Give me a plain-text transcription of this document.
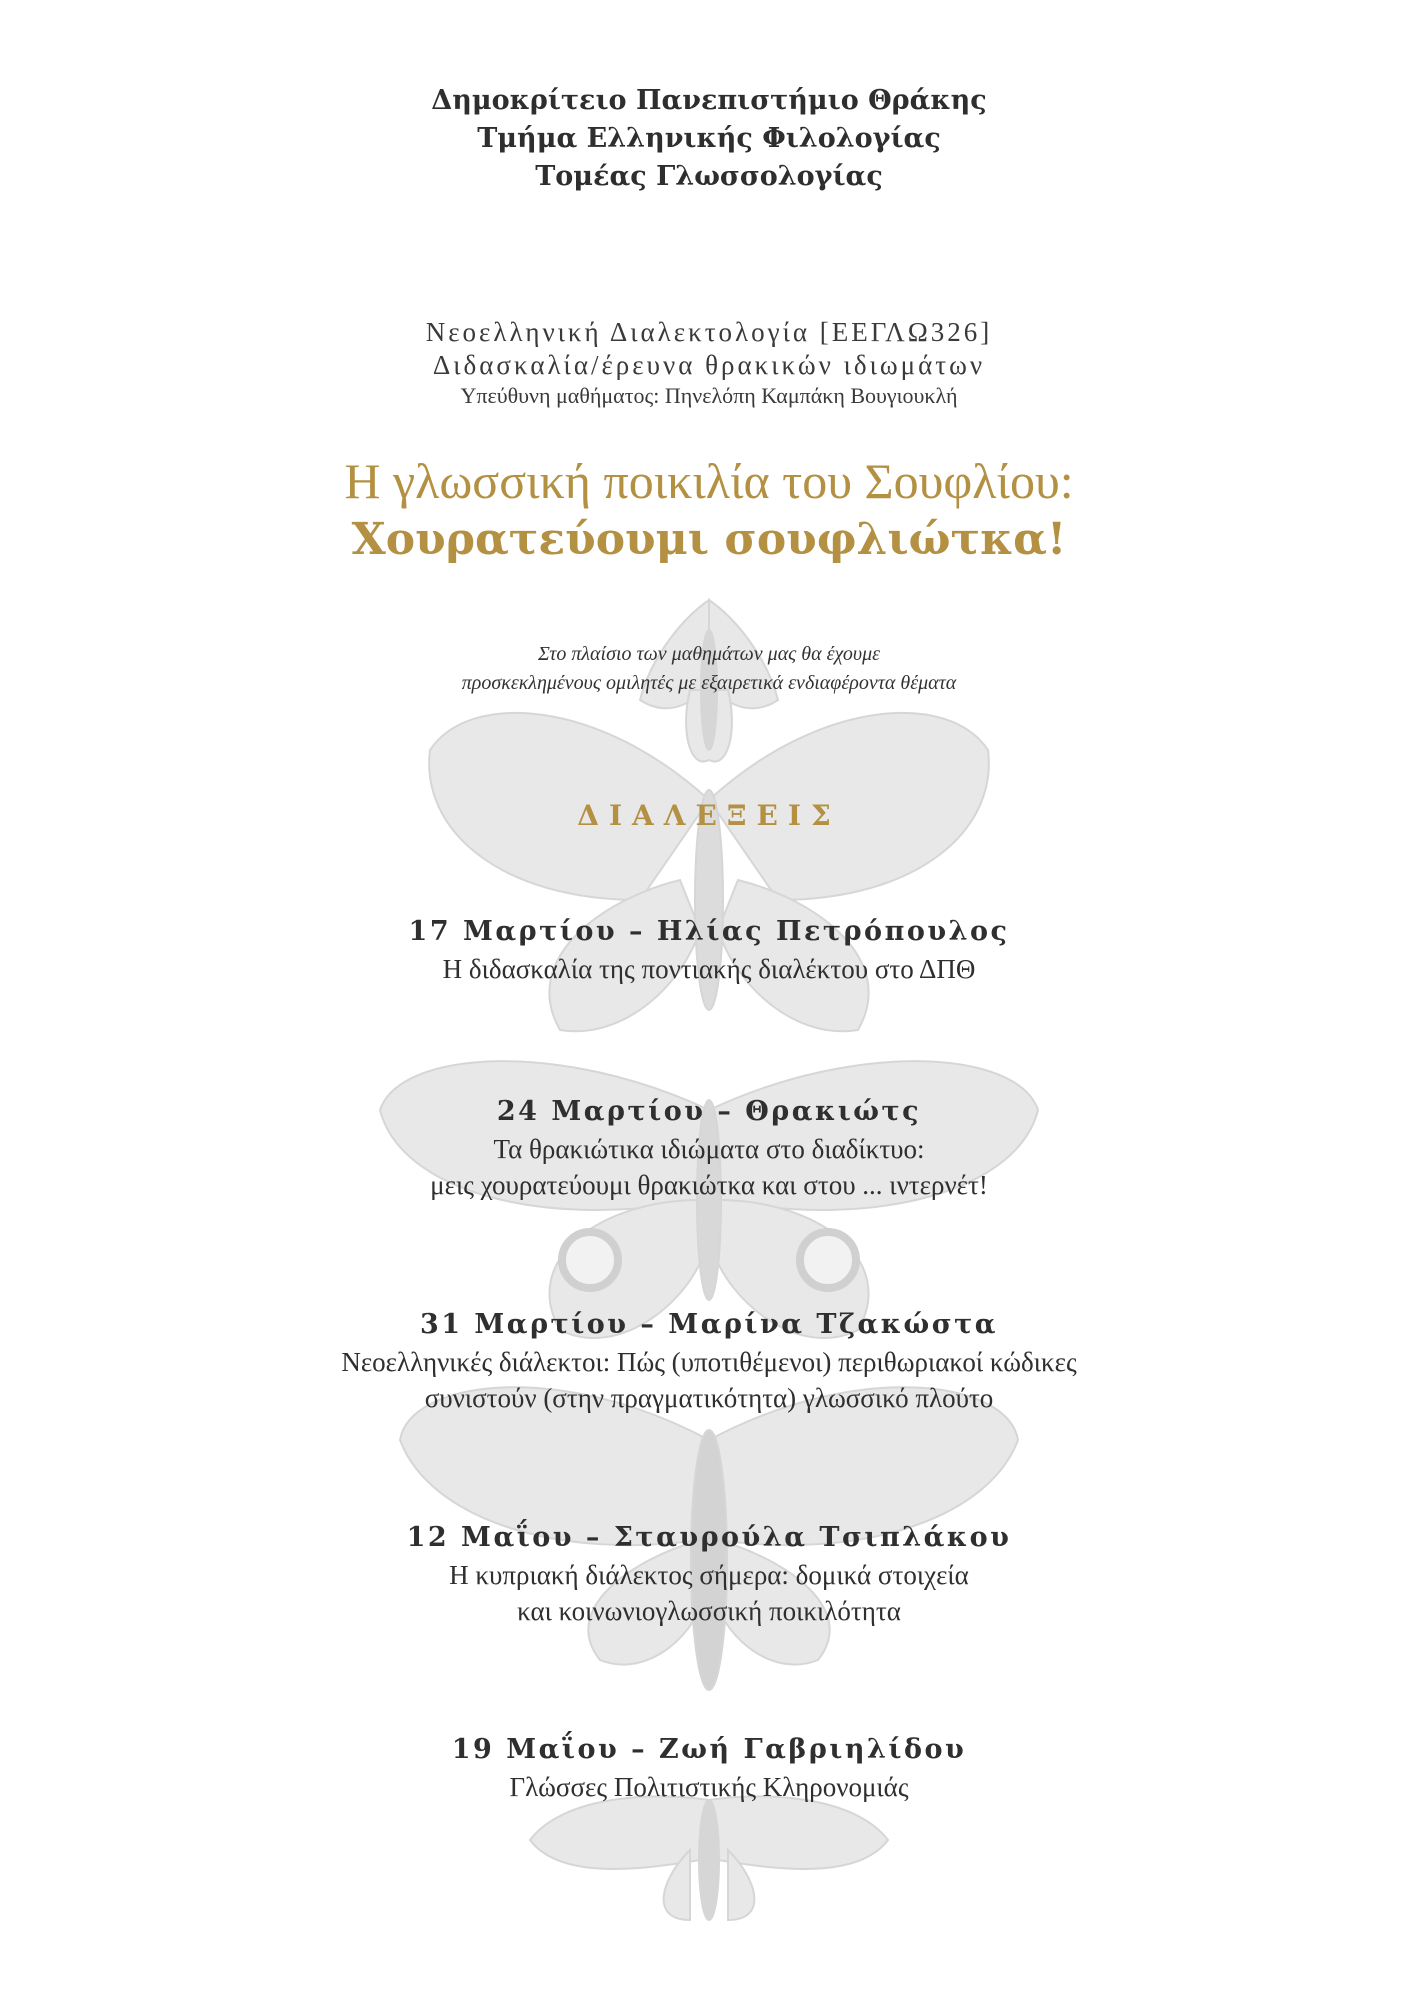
Δημοκρίτειο Πανεπιστήμιο Θράκης
Τμήμα Ελληνικής Φιλολογίας
Τομέας Γλωσσολογίας
Νεοελληνική Διαλεκτολογία [ΕΕΓΛΩ326]
Διδασκαλία/έρευνα θρακικών ιδιωμάτων
Υπεύθυνη μαθήματος: Πηνελόπη Καμπάκη Βουγιουκλή
Η γλωσσική ποικιλία του Σουφλίου:
Χουρατεύουμι σουφλιώτκα!
Στο πλαίσιο των μαθημάτων μας θα έχουμε
προσκεκλημένους ομιλητές με εξαιρετικά ενδιαφέροντα θέματα
ΔΙΑΛΕΞΕΙΣ
17 Μαρτίου – Ηλίας Πετρόπουλος
Η διδασκαλία της ποντιακής διαλέκτου στο ΔΠΘ
24 Μαρτίου – Θρακιώτς
Τα θρακιώτικα ιδιώματα στο διαδίκτυο:
μεις χουρατεύουμι θρακιώτκα και στου ... ιντερνέτ!
31 Μαρτίου – Μαρίνα Τζακώστα
Νεοελληνικές διάλεκτοι: Πώς (υποτιθέμενοι) περιθωριακοί κώδικες
συνιστούν (στην πραγματικότητα) γλωσσικό πλούτο
12 Μαΐου – Σταυρούλα Τσιπλάκου
Η κυπριακή διάλεκτος σήμερα: δομικά στοιχεία
και κοινωνιογλωσσική ποικιλότητα
19 Μαΐου – Ζωή Γαβριηλίδου
Γλώσσες Πολιτιστικής Κληρονομιάς
